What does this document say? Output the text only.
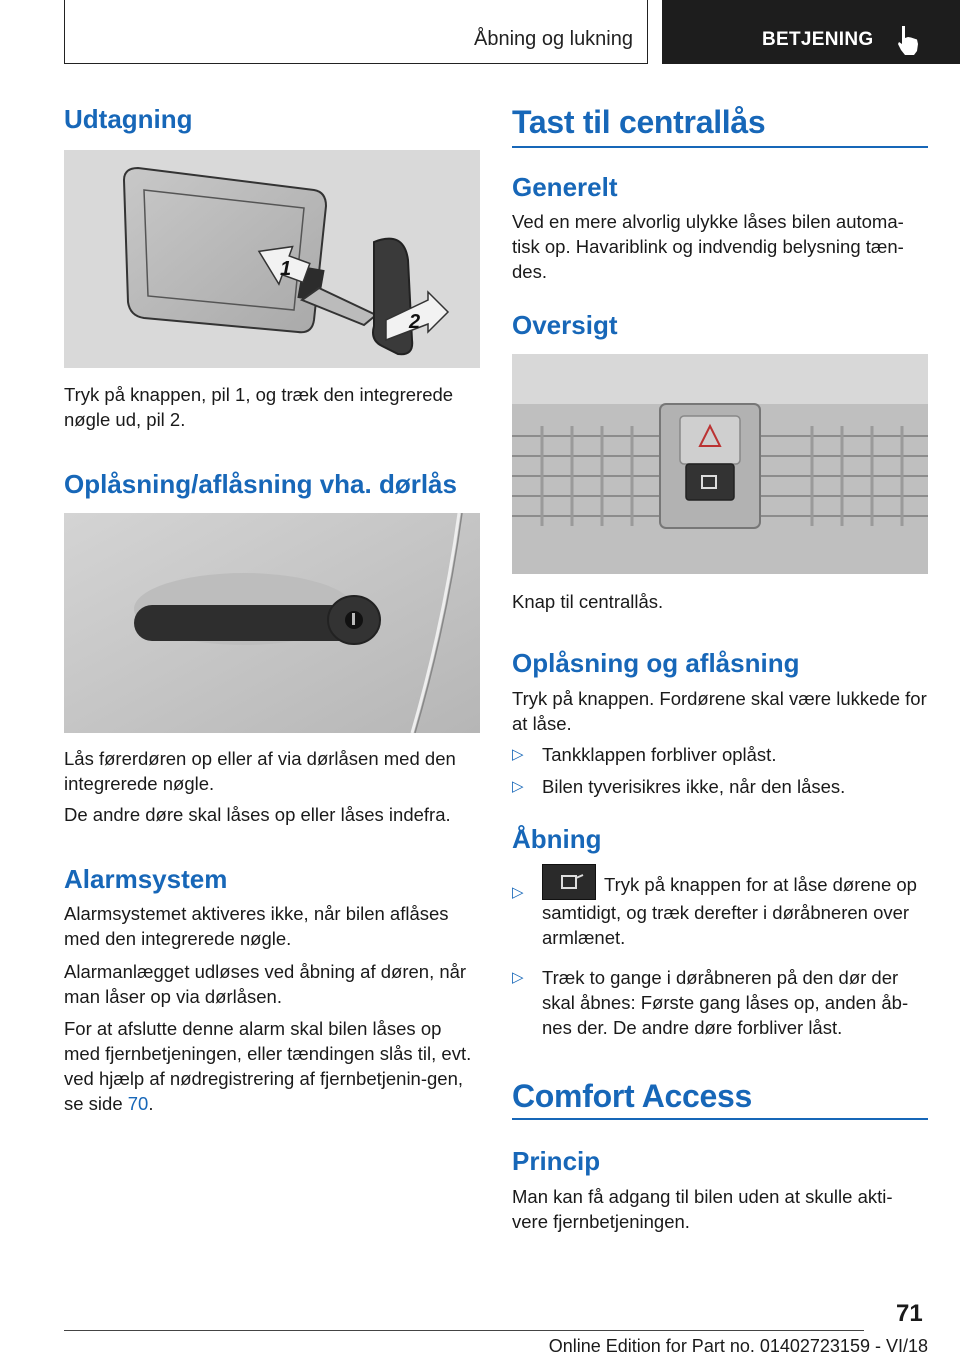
Åbning og lukning	BETJENING
Udtagning
1
2

Tryk på knappen, pil 1, og træk den integrerede nøgle ud, pil 2.

Oplåsning/aflåsning vha. dørlås

Lås førerdøren op eller af via dørlåsen med den integrerede nøgle.

De andre døre skal låses op eller låses indefra.

Alarmsystem

Alarmsystemet aktiveres ikke, når bilen aflåses med den integrerede nøgle.

Alarmanlægget udløses ved åbning af døren, når man låser op via dørlåsen.

For at afslutte denne alarm skal bilen låses op med fjernbetjeningen, eller tændingen slås til, evt. ved hjælp af nødregistrering af fjernbetjenin-gen, se side 70.

Tast til centrallås
Generelt

Ved en mere alvorlig ulykke låses bilen automa-tisk op. Havariblink og indvendig belysning tæn-des.

Oversigt

Knap til centrallås.

Oplåsning og aflåsning

Tryk på knappen. Fordørene skal være lukkede for at låse.

▷ Tankklappen forbliver oplåst.
▷ Bilen tyverisikres ikke, når den låses.
Åbning
▷	Tryk på knappen for at låse dørene op samtidigt, og træk derefter i døråbneren over armlænet.
▷ Træk to gange i døråbneren på den dør der skal åbnes: Første gang låses op, anden åb-nes der. De andre døre forbliver låst.
Comfort Access
Princip

Man kan få adgang til bilen uden at skulle akti-vere fjernbetjeningen.

71
Online Edition for Part no. 01402723159 - VI/18
